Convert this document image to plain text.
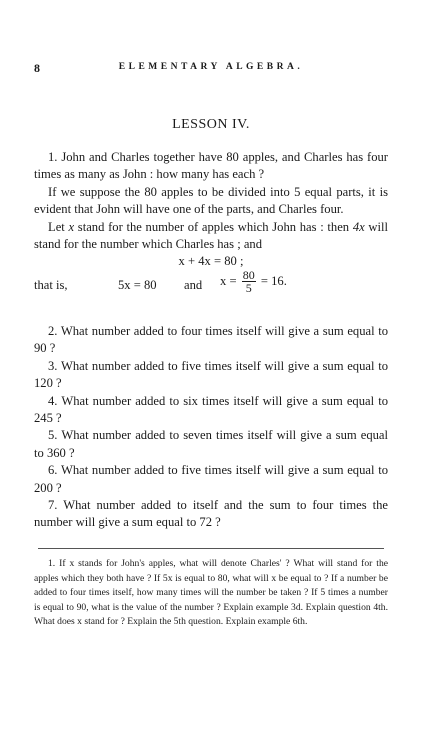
8	ELEMENTARY ALGEBRA.
LESSON IV.

1. John and Charles together have 80 apples, and Charles has four times as many as John : how many has each ?

If we suppose the 80 apples to be divided into 5 equal parts, it is evident that John will have one of the parts, and Charles four.

Let x stand for the number of apples which John has : then 4x will stand for the number which Charles has ; and

x + 4x = 80 ;
that is,	5x = 80 and $x = \frac{80}{5} = 16$.

2. What number added to four times itself will give a sum equal to 90 ?

3. What number added to five times itself will give a sum equal to 120 ?

4. What number added to six times itself will give a sum equal to 245 ?

5. What number added to seven times itself will give a sum equal to 360 ?

6. What number added to five times itself will give a sum equal to 200 ?

7. What number added to itself and the sum to four times the number will give a sum equal to 72 ?

1. If x stands for John's apples, what will denote Charles' ? What will stand for the apples which they both have ? If 5x is equal to 80, what will x be equal to ? If a number be added to four times itself, how many times will the number be taken ? If 5 times a number is equal to 90, what is the value of the number ? Explain example 3d. Explain question 4th. What does x stand for ? Explain the 5th question. Explain example 6th.
